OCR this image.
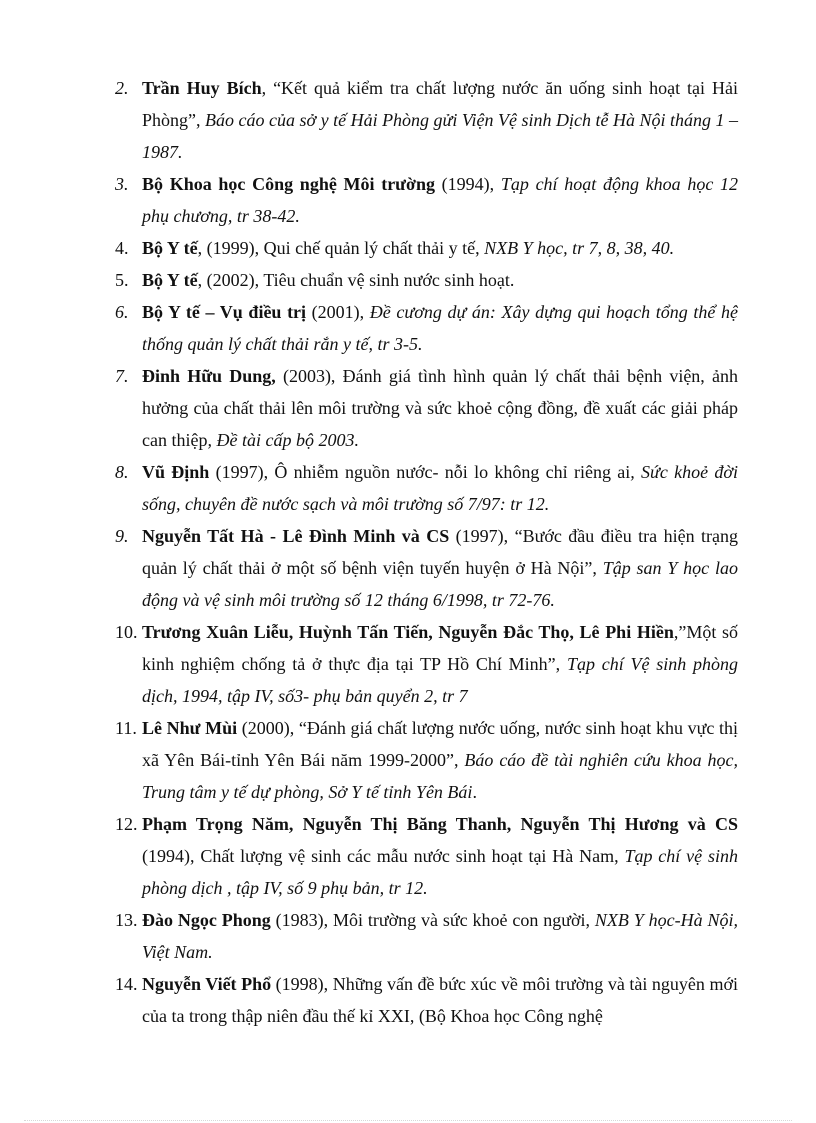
2. Trần Huy Bích, “Kết quả kiểm tra chất lượng nước ăn uống sinh hoạt tại Hải Phòng”, Báo cáo của sở y tế Hải Phòng gửi Viện Vệ sinh Dịch tễ Hà Nội tháng 1 –1987.
3. Bộ Khoa học Công nghệ Môi trường (1994), Tạp chí hoạt động khoa học 12 phụ chương, tr 38-42.
4. Bộ Y tế, (1999), Qui chế quản lý chất thải y tế, NXB Y học, tr 7, 8, 38, 40.
5. Bộ Y tế, (2002), Tiêu chuẩn vệ sinh nước sinh hoạt.
6. Bộ Y tế – Vụ điều trị (2001), Đề cương dự án: Xây dựng qui hoạch tổng thể hệ thống quản lý chất thải rắn y tế, tr 3-5.
7. Đinh Hữu Dung, (2003), Đánh giá tình hình quản lý chất thải bệnh viện, ảnh hưởng của chất thải lên môi trường và sức khoẻ cộng đồng, đề xuất các giải pháp can thiệp, Đề tài cấp bộ 2003.
8. Vũ Định (1997), Ô nhiễm nguồn nước- nỗi lo không chỉ riêng ai, Sức khoẻ đời sống, chuyên đề nước sạch và môi trường số 7/97: tr 12.
9. Nguyễn Tất Hà - Lê Đình Minh và CS (1997), “Bước đầu điều tra hiện trạng quản lý chất thải ở một số bệnh viện tuyến huyện ở Hà Nội”, Tập san Y học lao động và vệ sinh môi trường số 12 tháng 6/1998, tr 72-76.
10. Trương Xuân Liễu, Huỳnh Tấn Tiến, Nguyễn Đắc Thọ, Lê Phi Hiền,”Một số kinh nghiệm chống tả ở thực địa tại TP Hồ Chí Minh”, Tạp chí Vệ sinh phòng dịch, 1994, tập IV, số3- phụ bản quyển 2, tr 7
11. Lê Như Mùi (2000), “Đánh giá chất lượng nước uống, nước sinh hoạt khu vực thị xã Yên Bái-tỉnh Yên Bái năm 1999-2000”, Báo cáo đề tài nghiên cứu khoa học, Trung tâm y tế dự phòng, Sở Y tế tỉnh Yên Bái.
12. Phạm Trọng Năm, Nguyễn Thị Băng Thanh, Nguyễn Thị Hương và CS (1994), Chất lượng vệ sinh các mẫu nước sinh hoạt tại Hà Nam, Tạp chí vệ sinh phòng dịch , tập IV, số 9 phụ bản, tr 12.
13. Đào Ngọc Phong (1983), Môi trường và sức khoẻ con người, NXB Y học-Hà Nội, Việt Nam.
14. Nguyễn Viết Phổ (1998), Những vấn đề bức xúc về môi trường và tài nguyên mới của ta trong thập niên đầu thế kỉ XXI, (Bộ Khoa học Công nghệ
